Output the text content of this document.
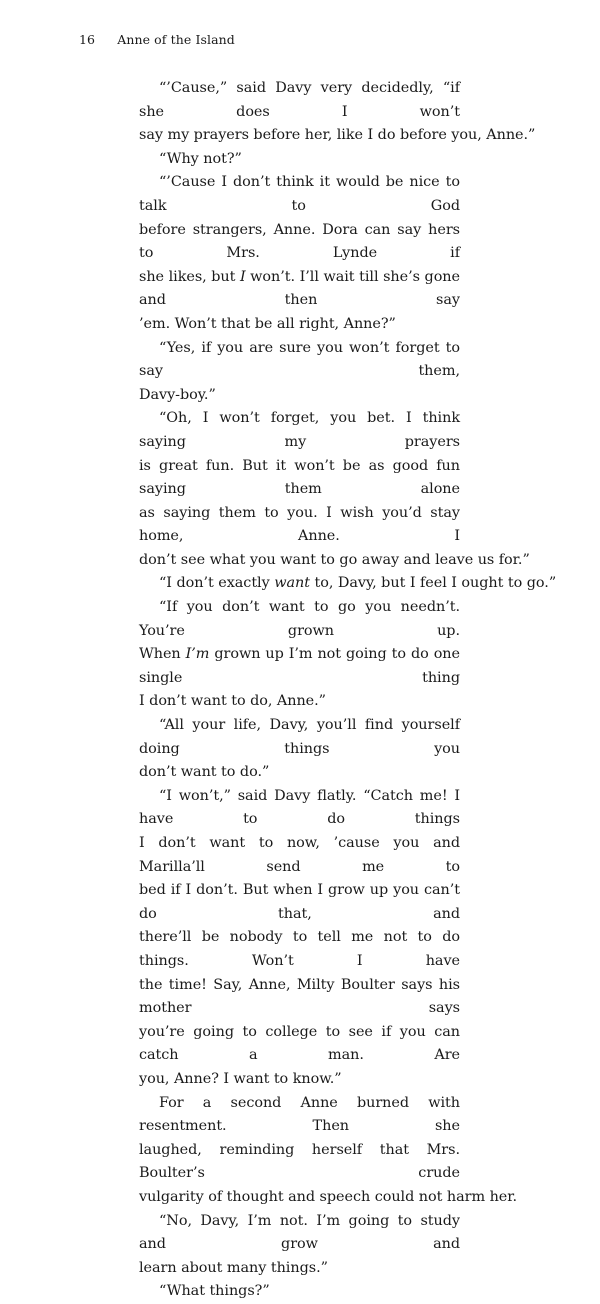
16 Anne of the Island
“’Cause,” said Davy very decidedly, “if she does I won’t
say my prayers before her, like I do before you, Anne.”
“Why not?”
“’Cause I don’t think it would be nice to talk to God
before strangers, Anne. Dora can say hers to Mrs. Lynde if
she likes, but I won’t. I’ll wait till she’s gone and then say
’em. Won’t that be all right, Anne?”
“Yes, if you are sure you won’t forget to say them,
Davy-boy.”
“Oh, I won’t forget, you bet. I think saying my prayers
is great fun. But it won’t be as good fun saying them alone
as saying them to you. I wish you’d stay home, Anne. I
don’t see what you want to go away and leave us for.”
“I don’t exactly want to, Davy, but I feel I ought to go.”
“If you don’t want to go you needn’t. You’re grown up.
When I’m grown up I’m not going to do one single thing
I don’t want to do, Anne.”
“All your life, Davy, you’ll find yourself doing things you
don’t want to do.”
“I won’t,” said Davy flatly. “Catch me! I have to do things
I don’t want to now, ’cause you and Marilla’ll send me to
bed if I don’t. But when I grow up you can’t do that, and
there’ll be nobody to tell me not to do things. Won’t I have
the time! Say, Anne, Milty Boulter says his mother says
you’re going to college to see if you can catch a man. Are
you, Anne? I want to know.”
For a second Anne burned with resentment. Then she
laughed, reminding herself that Mrs. Boulter’s crude
vulgarity of thought and speech could not harm her.
“No, Davy, I’m not. I’m going to study and grow and
learn about many things.”
“What things?”
